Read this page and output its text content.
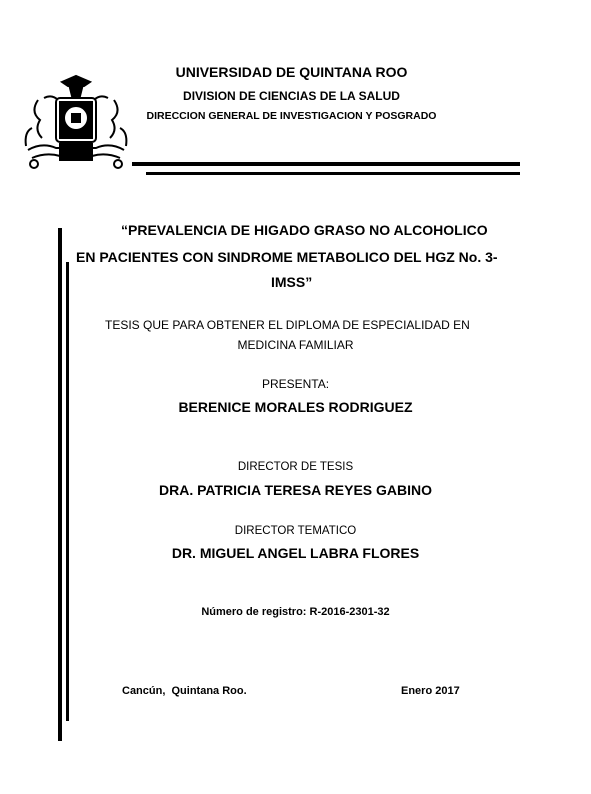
UNIVERSIDAD DE QUINTANA ROO
DIVISION DE CIENCIAS DE LA SALUD
DIRECCION GENERAL DE INVESTIGACION Y POSGRADO
“PREVALENCIA DE HIGADO GRASO NO ALCOHOLICO
EN PACIENTES CON SINDROME METABOLICO DEL HGZ No. 3-
IMSS”
TESIS QUE PARA OBTENER EL DIPLOMA DE ESPECIALIDAD EN
MEDICINA FAMILIAR
PRESENTA:
BERENICE MORALES RODRIGUEZ
DIRECTOR DE TESIS
DRA. PATRICIA TERESA REYES GABINO
DIRECTOR TEMATICO
DR. MIGUEL ANGEL LABRA FLORES
Número de registro: R-2016-2301-32
Cancún,  Quintana Roo.	Enero 2017
